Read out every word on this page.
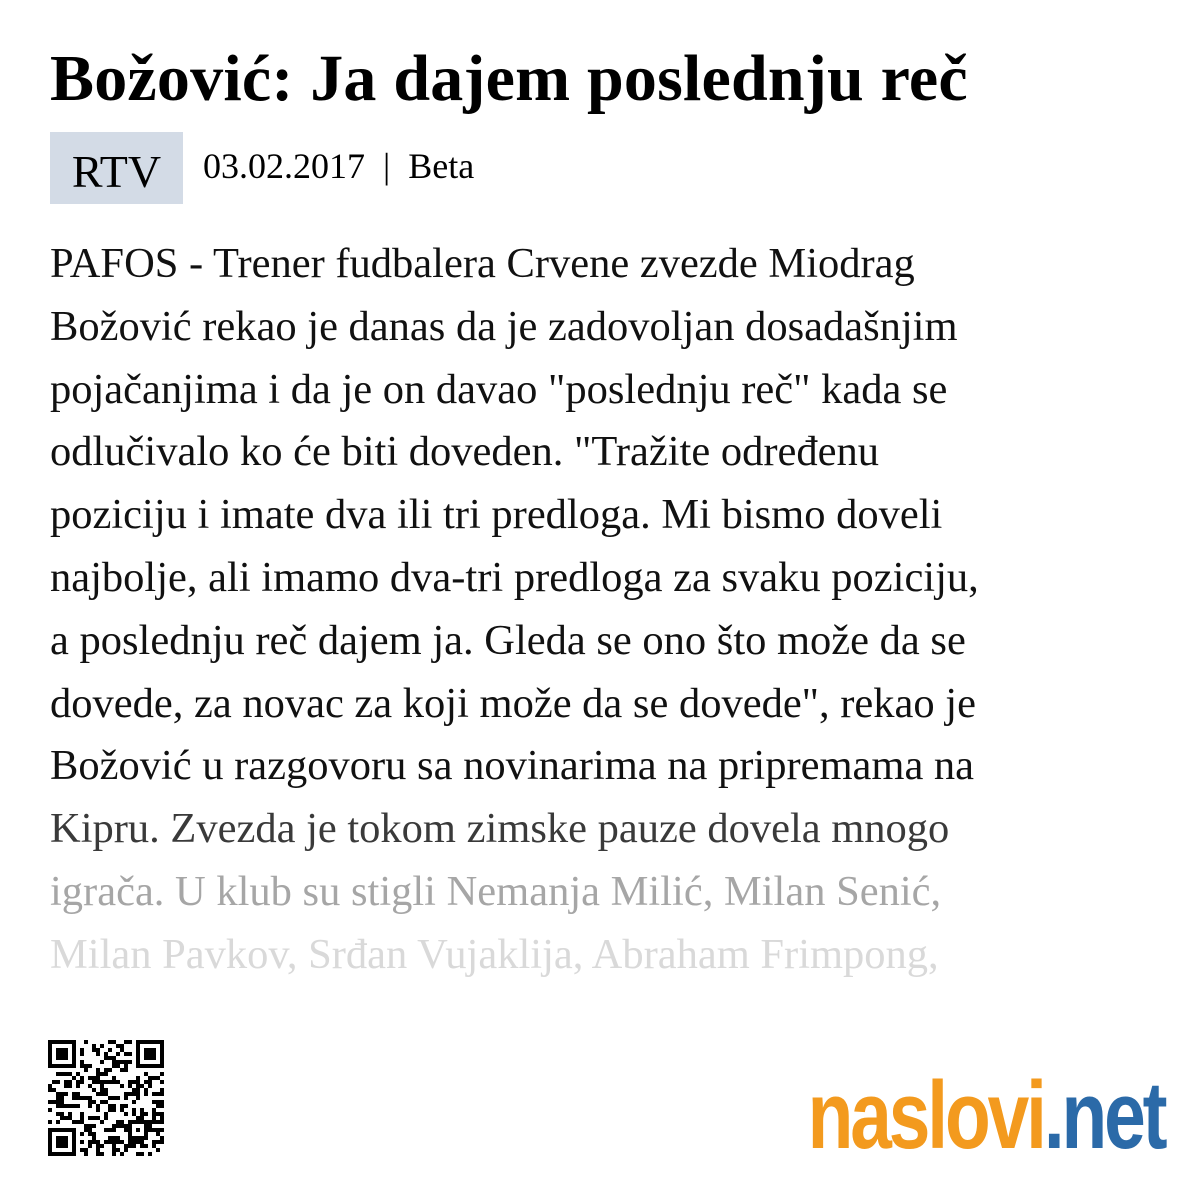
Božović: Ja dajem poslednju reč
RTV	03.02.2017 | Beta
PAFOS - Trener fudbalera Crvene zvezde Miodrag
Božović rekao je danas da je zadovoljan dosadašnjim
pojačanjima i da je on davao "poslednju reč" kada se
odlučivalo ko će biti doveden. "Tražite određenu
poziciju i imate dva ili tri predloga. Mi bismo doveli
najbolje, ali imamo dva-tri predloga za svaku poziciju,
a poslednju reč dajem ja. Gleda se ono što može da se
dovede, za novac za koji može da se dovede", rekao je
Božović u razgovoru sa novinarima na pripremama na
Kipru. Zvezda je tokom zimske pauze dovela mnogo
igrača. U klub su stigli Nemanja Milić, Milan Senić,
Milan Pavkov, Srđan Vujaklija, Abraham Frimpong,
naslovi .net
